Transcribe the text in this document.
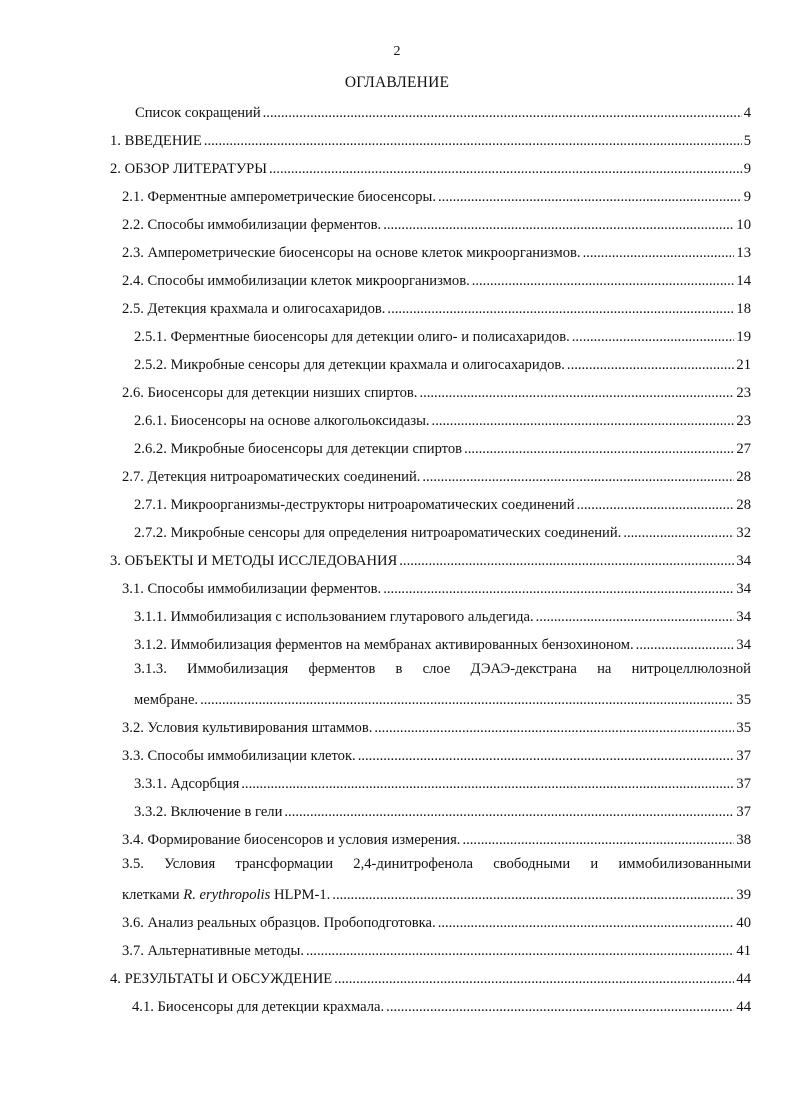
2
ОГЛАВЛЕНИЕ
Список сокращений .....	4
1. ВВЕДЕНИЕ .....	5
2. ОБЗОР ЛИТЕРАТУРЫ .....	9
2.1. Ферментные амперометрические биосенсоры. .....	9
2.2. Способы иммобилизации ферментов. .....	10
2.3. Амперометрические биосенсоры на основе клеток микроорганизмов. .....	13
2.4. Способы иммобилизации клеток микроорганизмов. .....	14
2.5. Детекция крахмала и олигосахаридов. .....	18
2.5.1. Ферментные биосенсоры для детекции олиго- и полисахаридов. .....	19
2.5.2. Микробные сенсоры для детекции крахмала и олигосахаридов. .....	21
2.6. Биосенсоры для детекции низших спиртов. .....	23
2.6.1. Биосенсоры на основе алкогольоксидазы. .....	23
2.6.2. Микробные биосенсоры для детекции спиртов .....	27
2.7. Детекция нитроароматических соединений. .....	28
2.7.1. Микроорганизмы-деструкторы нитроароматических соединений .....	28
2.7.2. Микробные сенсоры для определения нитроароматических соединений. .....	32
3. ОБЪЕКТЫ И МЕТОДЫ ИССЛЕДОВАНИЯ .....	34
3.1. Способы иммобилизации ферментов. .....	34
3.1.1. Иммобилизация с использованием глутарового альдегида. .....	34
3.1.2. Иммобилизация ферментов на мембранах активированных бензохиноном. .....	34
3.1.3. Иммобилизация ферментов в слое ДЭАЭ-декстрана на нитроцеллюлозной
мембране. .....	35
3.2. Условия культивирования штаммов. .....	35
3.3. Способы иммобилизации клеток. .....	37
3.3.1. Адсорбция .....	37
3.3.2. Включение в гели .....	37
3.4. Формирование биосенсоров и условия измерения. .....	38
3.5. Условия трансформации 2,4-динитрофенола свободными и иммобилизованными
клетками R. erythropolis HLPM-1. .....	39
3.6. Анализ реальных образцов. Пробоподготовка. .....	40
3.7. Альтернативные методы. .....	41
4. РЕЗУЛЬТАТЫ И ОБСУЖДЕНИЕ .....	44
4.1. Биосенсоры для детекции крахмала. .....	44
